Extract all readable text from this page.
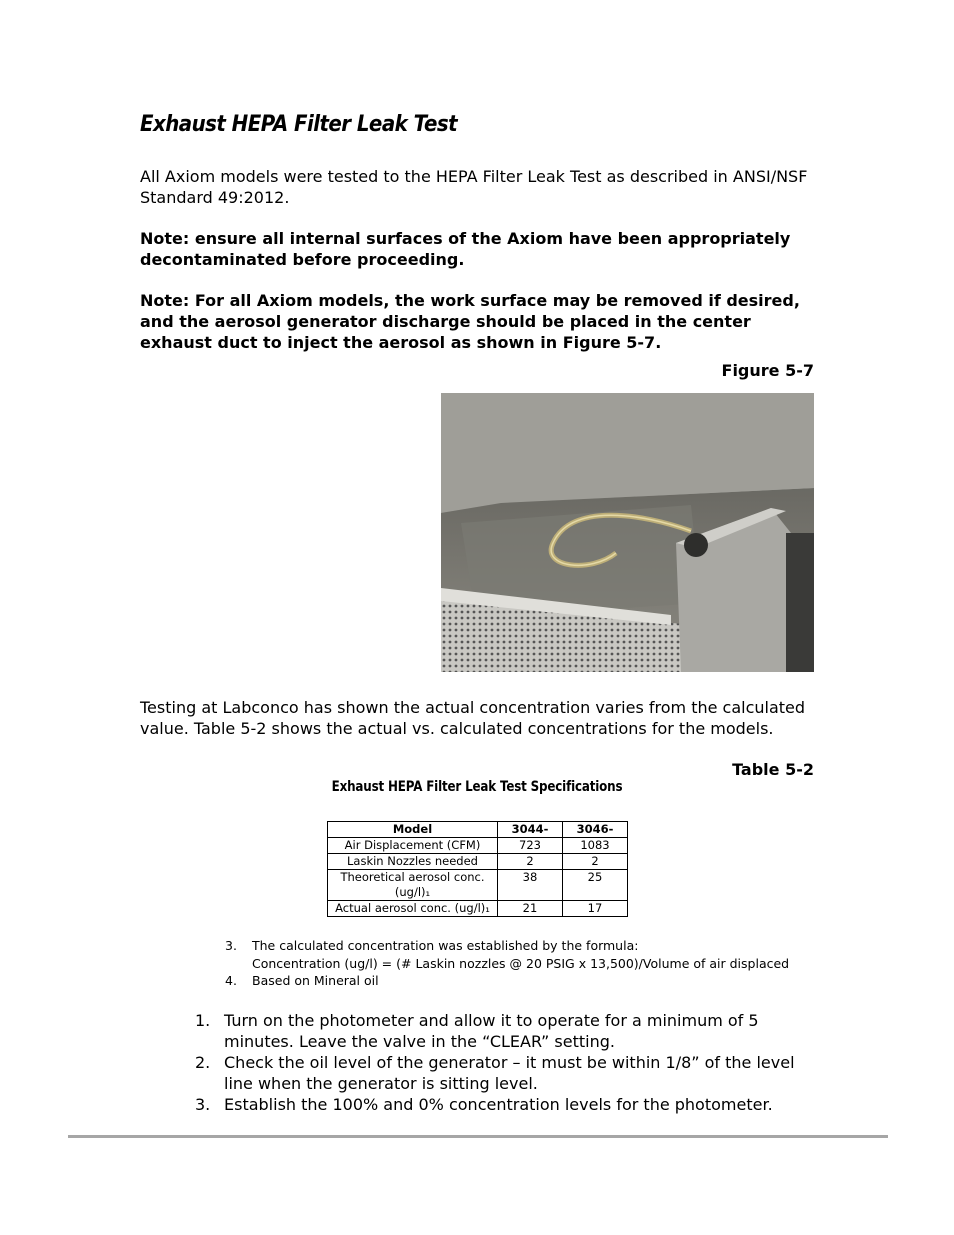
Exhaust HEPA Filter Leak Test

All Axiom models were tested to the HEPA Filter Leak Test as described in ANSI/NSF Standard 49:2012.

Note: ensure all internal surfaces of the Axiom have been appropriately decontaminated before proceeding.

Note: For all Axiom models, the work surface may be removed if desired, and the aerosol generator discharge should be placed in the center exhaust duct to inject the aerosol as shown in Figure 5-7.

Figure 5-7

Testing at Labconco has shown the actual concentration varies from the calculated value. Table 5-2 shows the actual vs. calculated concentrations for the models.

Table 5-2
Exhaust HEPA Filter Leak Test Specifications
Model	3044-	3046-
Air Displacement (CFM)	723	1083
Laskin Nozzles needed	2	2
Theoretical aerosol conc. (ug/l)₁	38	25
Actual aerosol conc. (ug/l)₁	21	17
3. The calculated concentration was established by the formula:
Concentration (ug/l) = (# Laskin nozzles @ 20 PSIG x 13,500)/Volume of air displaced
4. Based on Mineral oil
1. Turn on the photometer and allow it to operate for a minimum of 5 minutes. Leave the valve in the “CLEAR” setting.
2. Check the oil level of the generator – it must be within 1/8” of the level line when the generator is sitting level.
3. Establish the 100% and 0% concentration levels for the photometer.
